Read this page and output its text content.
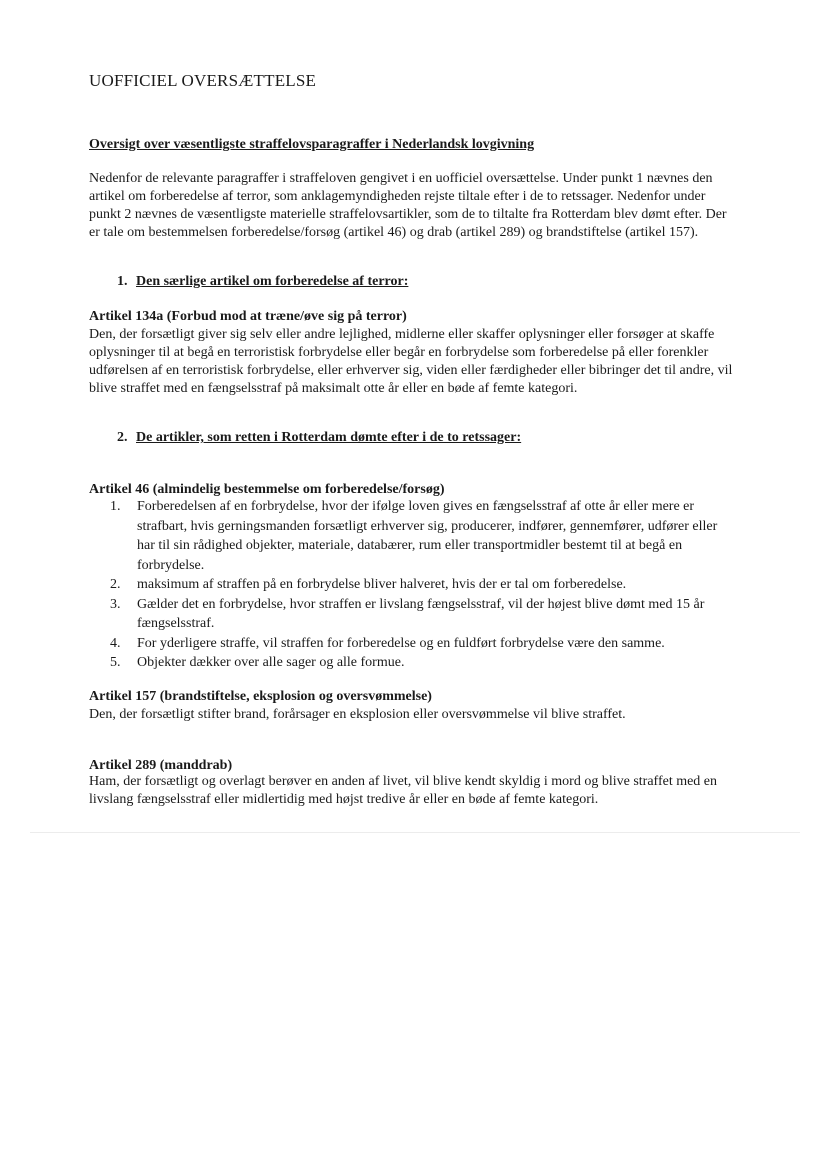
UOFFICIEL OVERSÆTTELSE

Oversigt over væsentligste straffelovsparagraffer i Nederlandsk lovgivning

Nedenfor de relevante paragraffer i straffeloven gengivet i en uofficiel oversættelse. Under punkt 1 nævnes den artikel om forberedelse af terror, som anklagemyndigheden rejste tiltale efter i de to retssager. Nedenfor under punkt 2 nævnes de væsentligste materielle straffelovsartikler, som de to tiltalte fra Rotterdam blev dømt efter. Der er tale om bestemmelsen forberedelse/forsøg (artikel 46) og drab (artikel 289) og brandstiftelse (artikel 157).

1. Den særlige artikel om forberedelse af terror:

Artikel 134a (Forbud mod at træne/øve sig på terror)

Den, der forsætligt giver sig selv eller andre lejlighed, midlerne eller skaffer oplysninger eller forsøger at skaffe oplysninger til at begå en terroristisk forbrydelse eller begår en forbrydelse som forberedelse på eller forenkler udførelsen af en terroristisk forbrydelse, eller erhverver sig, viden eller færdigheder eller bibringer det til andre, vil blive straffet med en fængselsstraf på maksimalt otte år eller en bøde af femte kategori.

2. De artikler, som retten i Rotterdam dømte efter i de to retssager:

Artikel 46 (almindelig bestemmelse om forberedelse/forsøg)

1. Forberedelsen af en forbrydelse, hvor der ifølge loven gives en fængselsstraf af otte år eller mere er strafbart, hvis gerningsmanden forsætligt erhverver sig, producerer, indfører, gennemfører, udfører eller har til sin rådighed objekter, materiale, databærer, rum eller transportmidler bestemt til at begå en forbrydelse.
2. maksimum af straffen på en forbrydelse bliver halveret, hvis der er tal om forberedelse.
3. Gælder det en forbrydelse, hvor straffen er livslang fængselsstraf, vil der højest blive dømt med 15 år fængselsstraf.
4. For yderligere straffe, vil straffen for forberedelse og en fuldført forbrydelse være den samme.
5. Objekter dækker over alle sager og alle formue.

Artikel 157 (brandstiftelse, eksplosion og oversvømmelse)

Den, der forsætligt stifter brand, forårsager en eksplosion eller oversvømmelse vil blive straffet.

Artikel 289 (manddrab)

Ham, der forsætligt og overlagt berøver en anden af livet, vil blive kendt skyldig i mord og blive straffet med en livslang fængselsstraf eller midlertidig med højst tredive år eller en bøde af femte kategori.
